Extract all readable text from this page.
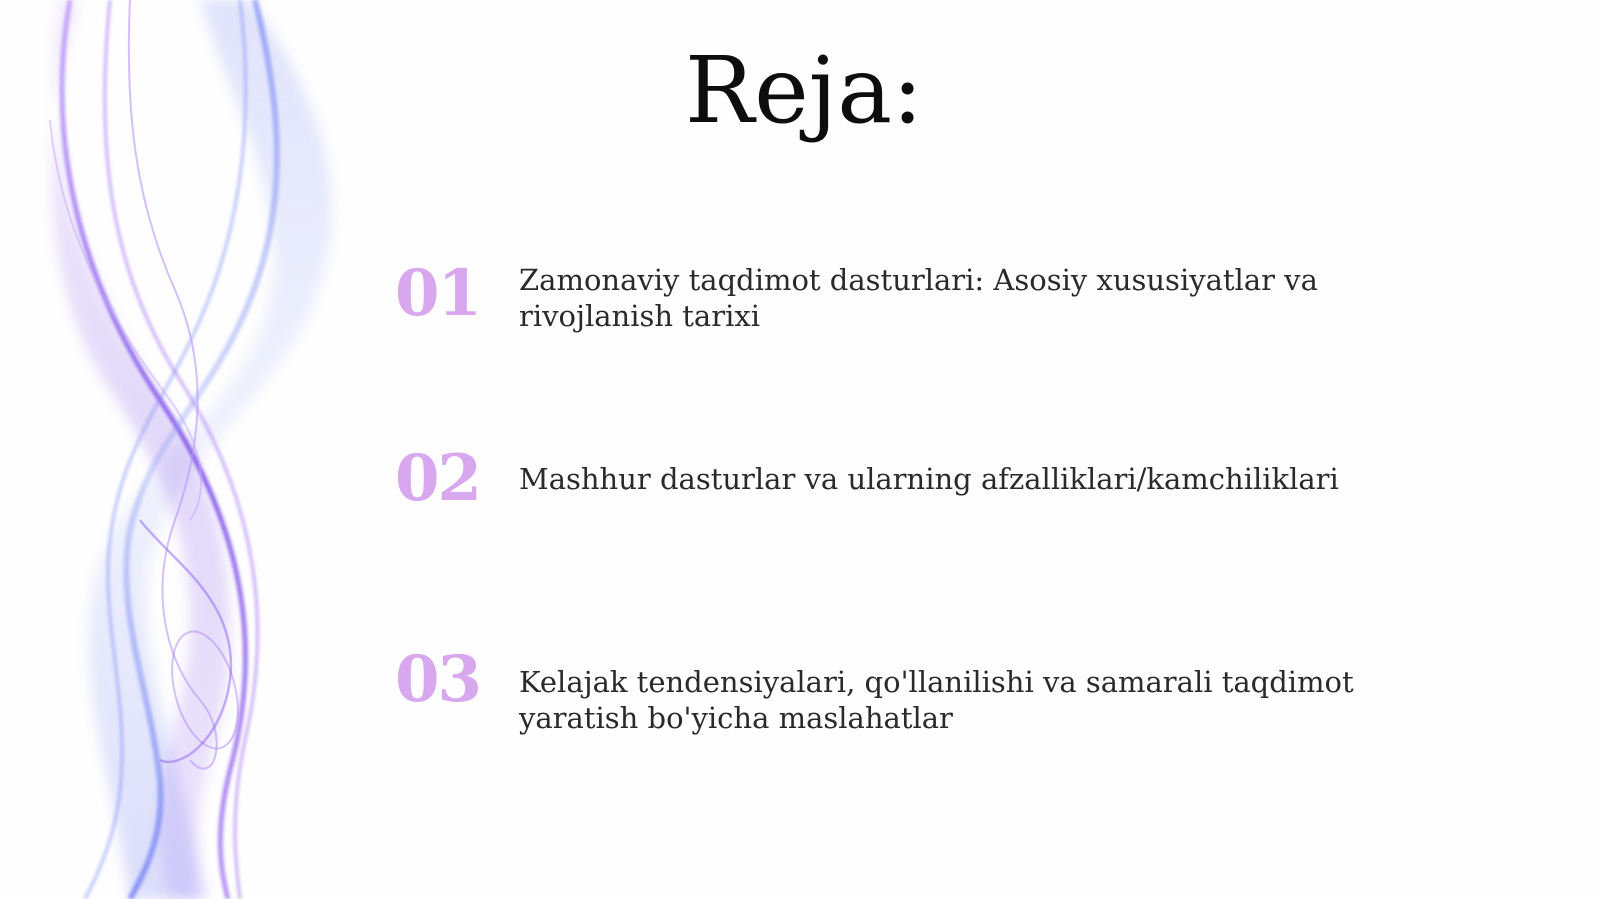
Reja:
01 Zamonaviy taqdimot dasturlari: Asosiy xususiyatlar va rivojlanish tarixi
02 Mashhur dasturlar va ularning afzalliklari/kamchiliklari
03 Kelajak tendensiyalari, qo'llanilishi va samarali taqdimot yaratish bo'yicha maslahatlar
